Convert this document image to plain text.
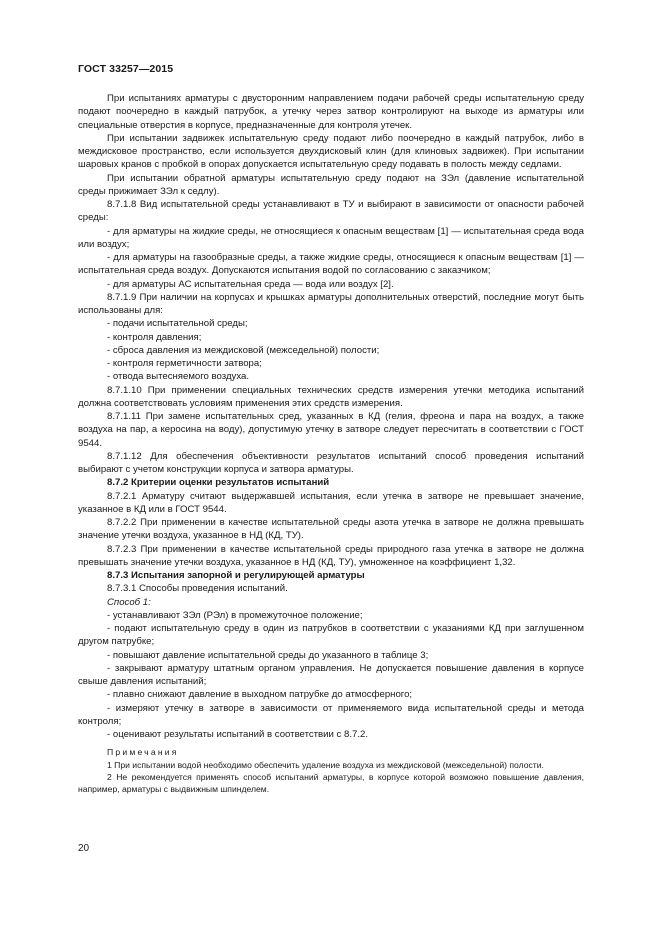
ГОСТ 33257—2015

При испытаниях арматуры с двусторонним направлением подачи рабочей среды испытательную среду подают поочередно в каждый патрубок, а утечку через затвор контролируют на выходе из арматуры или специальные отверстия в корпусе, предназначенные для контроля утечек.

При испытании задвижек испытательную среду подают либо поочередно в каждый патрубок, либо в междисковое пространство, если используется двухдисковый клин (для клиновых задвижек). При испытании шаровых кранов с пробкой в опорах допускается испытательную среду подавать в полость между седлами.

При испытании обратной арматуры испытательную среду подают на ЗЭл (давление испытательной среды прижимает ЗЭл к седлу).

8.7.1.8 Вид испытательной среды устанавливают в ТУ и выбирают в зависимости от опасности рабочей среды:

- для арматуры на жидкие среды, не относящиеся к опасным веществам [1] — испытательная среда вода или воздух;

- для арматуры на газообразные среды, а также жидкие среды, относящиеся к опасным веществам [1] — испытательная среда воздух. Допускаются испытания водой по согласованию с заказчиком;

- для арматуры АС испытательная среда — вода или воздух [2].

8.7.1.9 При наличии на корпусах и крышках арматуры дополнительных отверстий, последние могут быть использованы для:

- подачи испытательной среды;

- контроля давления;

- сброса давления из междисковой (межседельной) полости;

- контроля герметичности затвора;

- отвода вытесняемого воздуха.

8.7.1.10 При применении специальных технических средств измерения утечки методика испытаний должна соответствовать условиям применения этих средств измерения.

8.7.1.11 При замене испытательных сред, указанных в КД (гелия, фреона и пара на воздух, а также воздуха на пар, а керосина на воду), допустимую утечку в затворе следует пересчитать в соответствии с ГОСТ 9544.

8.7.1.12 Для обеспечения объективности результатов испытаний способ проведения испытаний выбирают с учетом конструкции корпуса и затвора арматуры.

8.7.2 Критерии оценки результатов испытаний

8.7.2.1 Арматуру считают выдержавшей испытания, если утечка в затворе не превышает значение, указанное в КД или в ГОСТ 9544.

8.7.2.2 При применении в качестве испытательной среды азота утечка в затворе не должна превышать значение утечки воздуха, указанное в НД (КД, ТУ).

8.7.2.3 При применении в качестве испытательной среды природного газа утечка в затворе не должна превышать значение утечки воздуха, указанное в НД (КД, ТУ), умноженное на коэффициент 1,32.

8.7.3 Испытания запорной и регулирующей арматуры

8.7.3.1 Способы проведения испытаний.

Способ 1:

- устанавливают ЗЭл (РЭл) в промежуточное положение;

- подают испытательную среду в один из патрубков в соответствии с указаниями КД при заглушенном другом патрубке;

- повышают давление испытательной среды до указанного в таблице 3;

- закрывают арматуру штатным органом управления. Не допускается повышение давления в корпусе свыше давления испытаний;

- плавно снижают давление в выходном патрубке до атмосферного;

- измеряют утечку в затворе в зависимости от применяемого вида испытательной среды и метода контроля;

- оценивают результаты испытаний в соответствии с 8.7.2.

Примечания

1 При испытании водой необходимо обеспечить удаление воздуха из междисковой (межседельной) полости.

2 Не рекомендуется применять способ испытаний арматуры, в корпусе которой возможно повышение давления, например, арматуры с выдвижным шпинделем.

20
